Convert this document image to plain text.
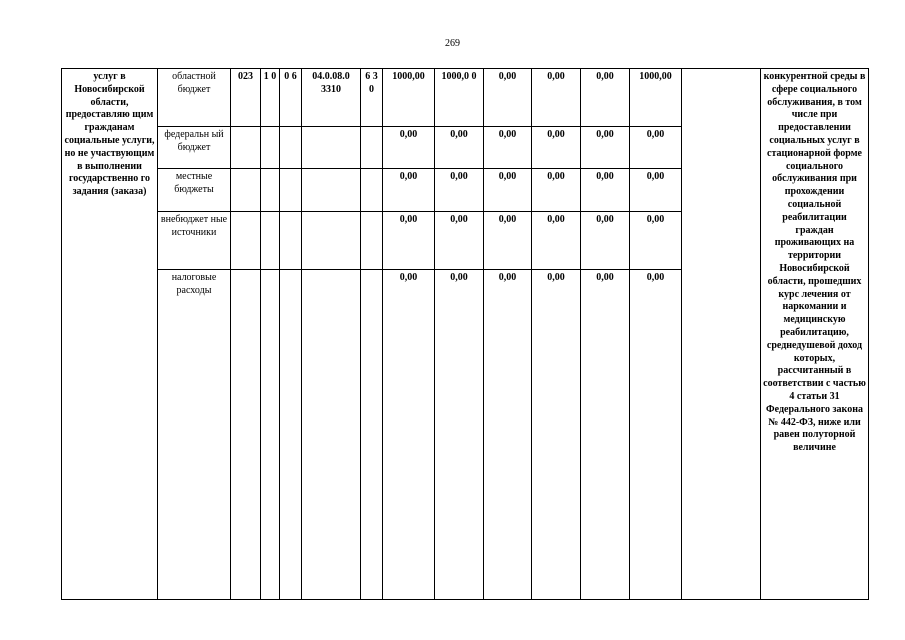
269
услуг в Новосибирской области, предоставляю щим гражданам социальные услуги, но не участвующим в выполнении государственно го задания (заказа)	областной бюджет	023	1 0	0 6	04.0.08.0 3310	6 3 0	1000,00	1000,0 0	0,00	0,00	0,00	1000,00		конкурентной среды в сфере социального обслуживания, в том числе при предоставлении социальных услуг в стационарной форме социального обслуживания при прохождении социальной реабилитации граждан проживающих на территории Новосибирской области, прошедших курс лечения от наркомании и медицинскую реабилитацию, среднедушевой доход которых, рассчитанный в соответствии с частью 4 статьи 31 Федерального закона № 442-ФЗ, ниже или равен полуторной величине
	федеральн ый бюджет						0,00	0,00	0,00	0,00	0,00	0,00		
	местные бюджеты						0,00	0,00	0,00	0,00	0,00	0,00		
	внебюджет ные источники						0,00	0,00	0,00	0,00	0,00	0,00		
	налоговые расходы						0,00	0,00	0,00	0,00	0,00	0,00		
